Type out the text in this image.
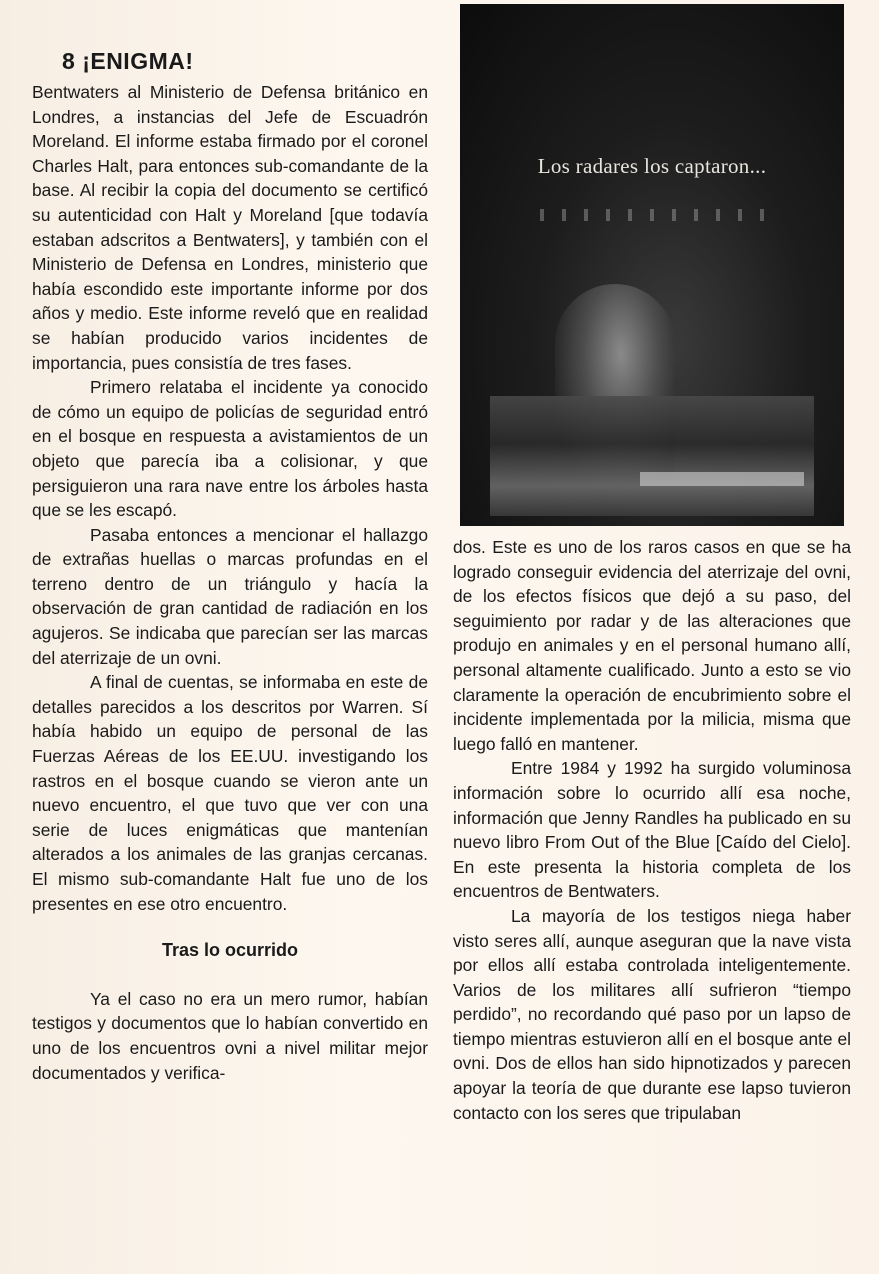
8 ¡ENIGMA!

Bentwaters al Ministerio de Defensa británico en Londres, a instancias del Jefe de Escuadrón Moreland. El informe estaba firmado por el coronel Charles Halt, para entonces sub-comandante de la base. Al recibir la copia del documento se certificó su autenticidad con Halt y Moreland [que todavía estaban adscritos a Bentwaters], y también con el Ministerio de Defensa en Londres, ministerio que había escondido este importante informe por dos años y medio. Este informe reveló que en realidad se habían producido varios incidentes de importancia, pues consistía de tres fases.

Primero relataba el incidente ya conocido de cómo un equipo de policías de seguridad entró en el bosque en respuesta a avistamientos de un objeto que parecía iba a colisionar, y que persiguieron una rara nave entre los árboles hasta que se les escapó.

Pasaba entonces a mencionar el hallazgo de extrañas huellas o marcas profundas en el terreno dentro de un triángulo y hacía la observación de gran cantidad de radiación en los agujeros. Se indicaba que parecían ser las marcas del aterrizaje de un ovni.

A final de cuentas, se informaba en este de detalles parecidos a los descritos por Warren. Sí había habido un equipo de personal de las Fuerzas Aéreas de los EE.UU. investigando los rastros en el bosque cuando se vieron ante un nuevo encuentro, el que tuvo que ver con una serie de luces enigmáticas que mantenían alterados a los animales de las granjas cercanas. El mismo sub-comandante Halt fue uno de los presentes en ese otro encuentro.

Tras lo ocurrido

Ya el caso no era un mero rumor, habían testigos y documentos que lo habían convertido en uno de los encuentros ovni a nivel militar mejor documentados y verifica-

Los radares los captaron...

dos. Este es uno de los raros casos en que se ha logrado conseguir evidencia del aterrizaje del ovni, de los efectos físicos que dejó a su paso, del seguimiento por radar y de las alteraciones que produjo en animales y en el personal humano allí, personal altamente cualificado. Junto a esto se vio claramente la operación de encubrimiento sobre el incidente implementada por la milicia, misma que luego falló en mantener.

Entre 1984 y 1992 ha surgido voluminosa información sobre lo ocurrido allí esa noche, información que Jenny Randles ha publicado en su nuevo libro From Out of the Blue [Caído del Cielo]. En este presenta la historia completa de los encuentros de Bentwaters.

La mayoría de los testigos niega haber visto seres allí, aunque aseguran que la nave vista por ellos allí estaba controlada inteligentemente. Varios de los militares allí sufrieron “tiempo perdido”, no recordando qué paso por un lapso de tiempo mientras estuvieron allí en el bosque ante el ovni. Dos de ellos han sido hipnotizados y parecen apoyar la teoría de que durante ese lapso tuvieron contacto con los seres que tripulaban
